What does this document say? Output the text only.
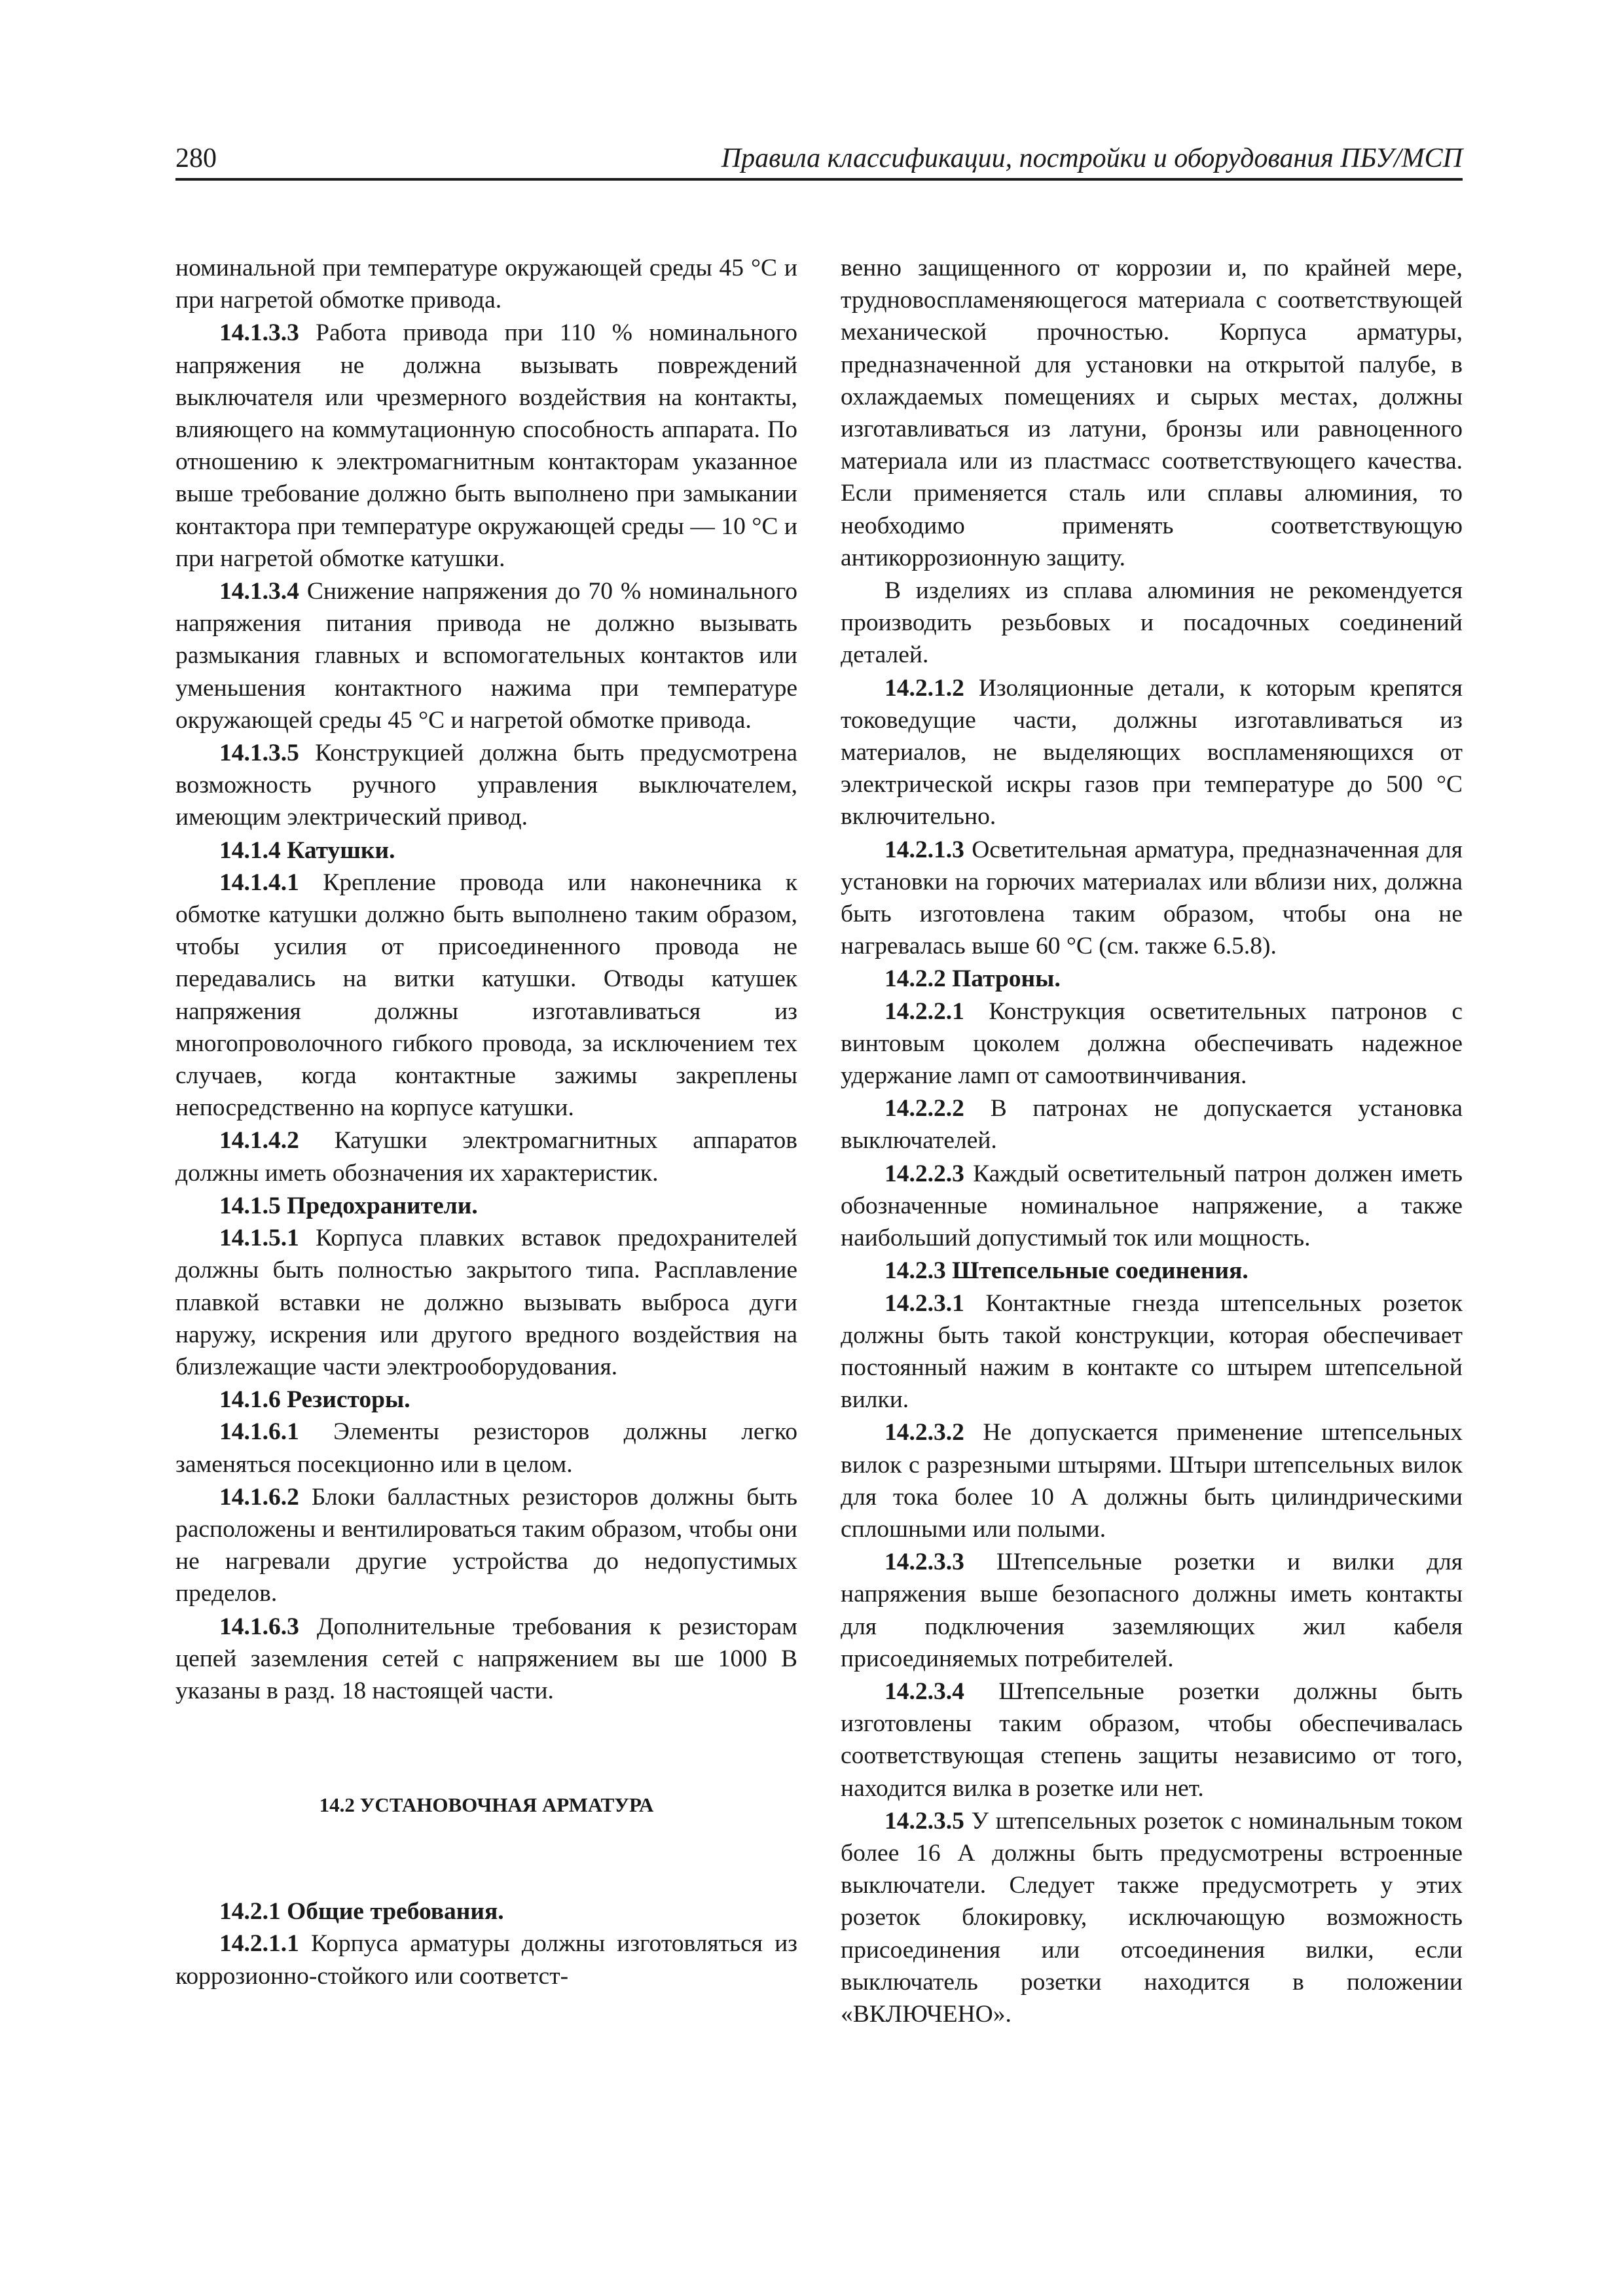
280	Правила классификации, постройки и оборудования ПБУ/МСП

номинальной при температуре окружающей среды 45 °С и при нагретой обмотке привода.

14.1.3.3 Работа привода при 110 % номинального напряжения не должна вызывать повреждений выключателя или чрезмерного воздействия на контакты, влияющего на коммутационную способность аппарата. По отношению к электромагнитным контакторам указанное выше требование должно быть выполнено при замыкании контактора при температуре окружающей среды — 10 °С и при нагретой обмотке катушки.

14.1.3.4 Снижение напряжения до 70 % номинального напряжения питания привода не должно вызывать размыкания главных и вспомогательных контактов или уменьшения контактного нажима при температуре окружающей среды 45 °С и нагретой обмотке привода.

14.1.3.5 Конструкцией должна быть предусмотрена возможность ручного управления выключателем, имеющим электрический привод.

14.1.4 Катушки.

14.1.4.1 Крепление провода или наконечника к обмотке катушки должно быть выполнено таким образом, чтобы усилия от присоединенного провода не передавались на витки катушки. Отводы катушек напряжения должны изготавливаться из многопроволочного гибкого провода, за исключением тех случаев, когда контактные зажимы закреплены непосредственно на корпусе катушки.

14.1.4.2 Катушки электромагнитных аппаратов должны иметь обозначения их характеристик.

14.1.5 Предохранители.

14.1.5.1 Корпуса плавких вставок предохранителей должны быть полностью закрытого типа. Расплавление плавкой вставки не должно вызывать выброса дуги наружу, искрения или другого вредного воздействия на близлежащие части электрооборудования.

14.1.6 Резисторы.

14.1.6.1 Элементы резисторов должны легко заменяться посекционно или в целом.

14.1.6.2 Блоки балластных резисторов должны быть расположены и вентилироваться таким образом, чтобы они не нагревали другие устройства до недопустимых пределов.

14.1.6.3 Дополнительные требования к резисторам цепей заземления сетей с напряжением вы ше 1000 В указаны в разд. 18 настоящей части.

14.2 УСТАНОВОЧНАЯ АРМАТУРА

14.2.1 Общие требования.

14.2.1.1 Корпуса арматуры должны изготовляться из коррозионно-стойкого или соответст-

венно защищенного от коррозии и, по крайней мере, трудновоспламеняющегося материала с соответствующей механической прочностью. Корпуса арматуры, предназначенной для установки на открытой палубе, в охлаждаемых помещениях и сырых местах, должны изготавливаться из латуни, бронзы или равноценного материала или из пластмасс соответствующего качества. Если применяется сталь или сплавы алюминия, то необходимо применять соответствующую антикоррозионную защиту.

В изделиях из сплава алюминия не рекомендуется производить резьбовых и посадочных соединений деталей.

14.2.1.2 Изоляционные детали, к которым крепятся токоведущие части, должны изготавливаться из материалов, не выделяющих воспламеняющихся от электрической искры газов при температуре до 500 °С включительно.

14.2.1.3 Осветительная арматура, предназначенная для установки на горючих материалах или вблизи них, должна быть изготовлена таким образом, чтобы она не нагревалась выше 60 °С (см. также 6.5.8).

14.2.2 Патроны.

14.2.2.1 Конструкция осветительных патронов с винтовым цоколем должна обеспечивать надежное удержание ламп от самоотвинчивания.

14.2.2.2 В патронах не допускается установка выключателей.

14.2.2.3 Каждый осветительный патрон должен иметь обозначенные номинальное напряжение, а также наибольший допустимый ток или мощность.

14.2.3 Штепсельные соединения.

14.2.3.1 Контактные гнезда штепсельных розеток должны быть такой конструкции, которая обеспечивает постоянный нажим в контакте со штырем штепсельной вилки.

14.2.3.2 Не допускается применение штепсельных вилок с разрезными штырями. Штыри штепсельных вилок для тока более 10 А должны быть цилиндрическими сплошными или полыми.

14.2.3.3 Штепсельные розетки и вилки для напряжения выше безопасного должны иметь контакты для подключения заземляющих жил кабеля присоединяемых потребителей.

14.2.3.4 Штепсельные розетки должны быть изготовлены таким образом, чтобы обеспечивалась соответствующая степень защиты независимо от того, находится вилка в розетке или нет.

14.2.3.5 У штепсельных розеток с номинальным током более 16 А должны быть предусмотрены встроенные выключатели. Следует также предусмотреть у этих розеток блокировку, исключающую возможность присоединения или отсоединения вилки, если выключатель розетки находится в положении «ВКЛЮЧЕНО».
